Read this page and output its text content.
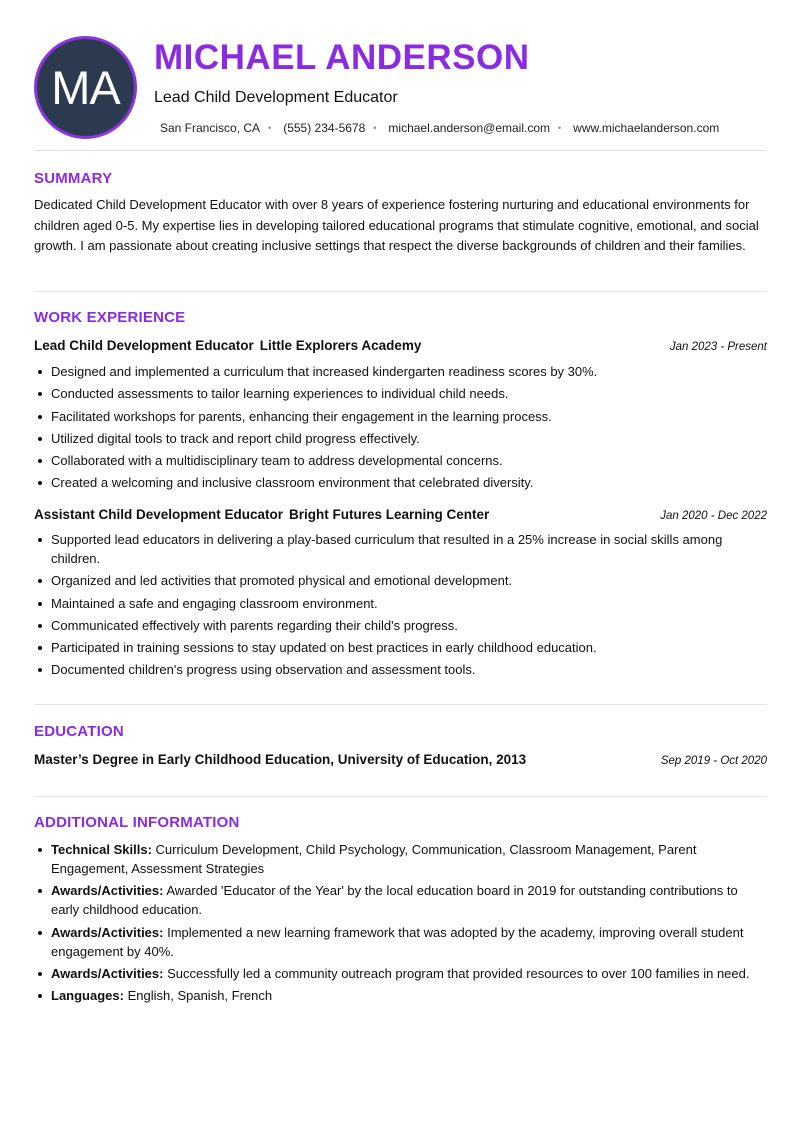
MA
MICHAEL ANDERSON
Lead Child Development Educator
San Francisco, CA • (555) 234-5678 • michael.anderson@email.com • www.michaelanderson.com
SUMMARY
Dedicated Child Development Educator with over 8 years of experience fostering nurturing and educational environments for children aged 0-5. My expertise lies in developing tailored educational programs that stimulate cognitive, emotional, and social growth. I am passionate about creating inclusive settings that respect the diverse backgrounds of children and their families.
WORK EXPERIENCE
Lead Child Development Educator Little Explorers Academy	Jan 2023 - Present
Designed and implemented a curriculum that increased kindergarten readiness scores by 30%.
Conducted assessments to tailor learning experiences to individual child needs.
Facilitated workshops for parents, enhancing their engagement in the learning process.
Utilized digital tools to track and report child progress effectively.
Collaborated with a multidisciplinary team to address developmental concerns.
Created a welcoming and inclusive classroom environment that celebrated diversity.
Assistant Child Development Educator Bright Futures Learning Center	Jan 2020 - Dec 2022
Supported lead educators in delivering a play-based curriculum that resulted in a 25% increase in social skills among children.
Organized and led activities that promoted physical and emotional development.
Maintained a safe and engaging classroom environment.
Communicated effectively with parents regarding their child's progress.
Participated in training sessions to stay updated on best practices in early childhood education.
Documented children's progress using observation and assessment tools.
EDUCATION
Master’s Degree in Early Childhood Education, University of Education, 2013	Sep 2019 - Oct 2020
ADDITIONAL INFORMATION
Technical Skills: Curriculum Development, Child Psychology, Communication, Classroom Management, Parent Engagement, Assessment Strategies
Awards/Activities: Awarded 'Educator of the Year' by the local education board in 2019 for outstanding contributions to early childhood education.
Awards/Activities: Implemented a new learning framework that was adopted by the academy, improving overall student engagement by 40%.
Awards/Activities: Successfully led a community outreach program that provided resources to over 100 families in need.
Languages: English, Spanish, French
